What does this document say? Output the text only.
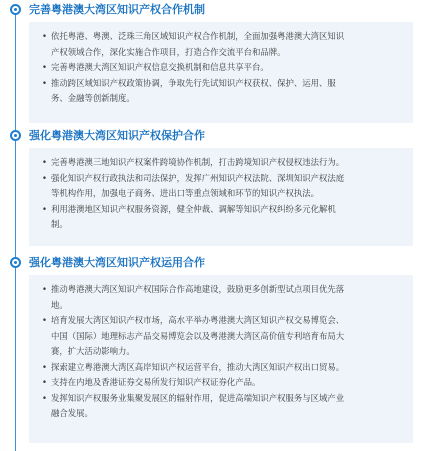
完善粤港澳大湾区知识产权合作机制
• 依托粤港、粤澳、泛珠三角区域知识产权合作机制，全面加强粤港澳大湾区知识
产权领域合作，深化实施合作项目，打造合作交流平台和品牌。
• 完善粤港澳大湾区知识产权信息交换机制和信息共享平台。
• 推动跨区域知识产权政策协调，争取先行先试知识产权获权、保护、运用、服
务、金融等创新制度。
强化粤港澳大湾区知识产权保护合作
• 完善粤港澳三地知识产权案件跨境协作机制，打击跨境知识产权侵权违法行为。
• 强化知识产权行政执法和司法保护，发挥广州知识产权法院、深圳知识产权法庭
等机构作用，加强电子商务、进出口等重点领域和环节的知识产权执法。
• 利用港澳地区知识产权服务资源，健全仲裁、调解等知识产权纠纷多元化解机
制。
强化粤港澳大湾区知识产权运用合作
• 推动粤港澳大湾区知识产权国际合作高地建设，鼓励更多创新型试点项目优先落
地。
• 培育发展大湾区知识产权市场，高水平举办粤港澳大湾区知识产权交易博览会、
中国（国际）地理标志产品交易博览会以及粤港澳大湾区高价值专利培育布局大
赛，扩大活动影响力。
• 探索建立粤港澳大湾区高岸知识产权运营平台，推动大湾区知识产权出口贸易。
• 支持在内地及香港证券交易所发行知识产权证券化产品。
• 发挥知识产权服务业集聚发展区的辐射作用，促进高端知识产权服务与区域产业
融合发展。
